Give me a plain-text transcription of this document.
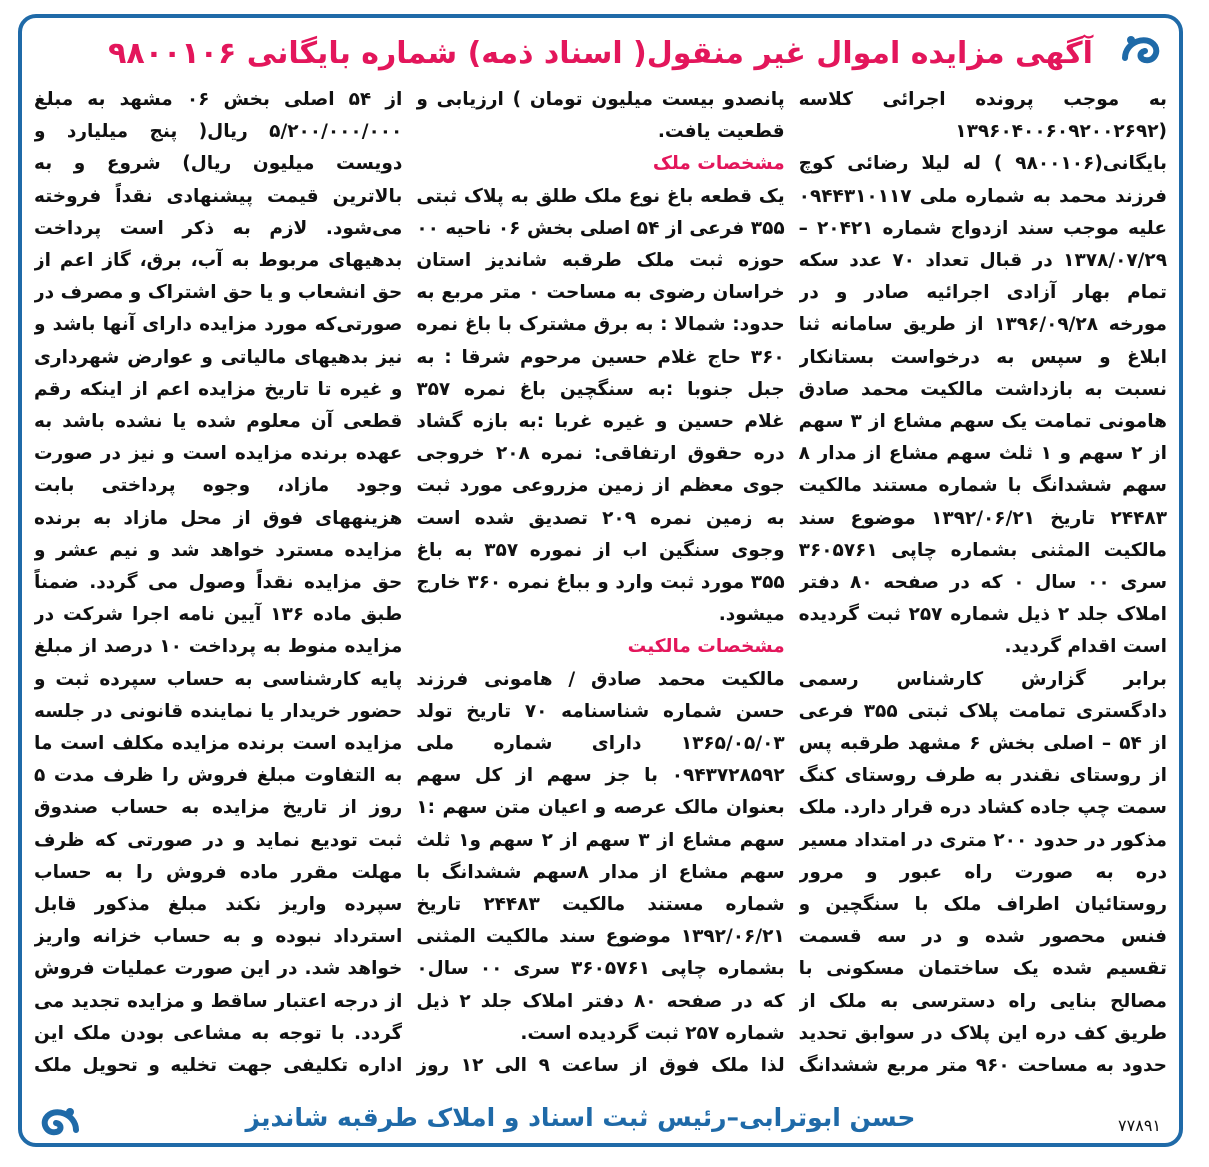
آگهی مزایده اموال غیر منقول( اسناد ذمه) شماره بایگانی ۹۸۰۰۱۰۶

به موجب پرونده اجرائی کلاسه (۱۳۹۶۰۴۰۰۶۰۹۲۰۰۲۶۹۲ بایگانی(۹۸۰۰۱۰۶ ) له لیلا رضائی کوچ فرزند محمد به شماره ملی ۰۹۴۴۳۱۰۱۱۷ علیه موجب سند ازدواج شماره ۲۰۴۲۱ – ۱۳۷۸/۰۷/۲۹ در قبال تعداد ۷۰ عدد سکه تمام بهار آزادی اجرائیه صادر و در مورخه ۱۳۹۶/۰۹/۲۸ از طریق سامانه ثنا ابلاغ و سپس به درخواست بستانکار نسبت به بازداشت مالکیت محمد صادق هامونی تمامت یک سهم مشاع از ۳ سهم از ۲ سهم و ۱ ثلث سهم مشاع از مدار ۸ سهم ششدانگ با شماره مستند مالکیت ۲۴۴۸۳ تاریخ ۱۳۹۲/۰۶/۲۱ موضوع سند مالکیت المثنی بشماره چاپی ۳۶۰۵۷۶۱ سری ۰۰ سال ۰ که در صفحه ۸۰ دفتر املاک جلد ۲ ذیل شماره ۲۵۷ ثبت گردیده است اقدام گردید.

برابر گزارش کارشناس رسمی دادگستری تمامت پلاک ثبتی ۳۵۵ فرعی از ۵۴ – اصلی بخش ۶ مشهد طرقبه پس از روستای نقندر به طرف روستای کنگ سمت چپ جاده کشاد دره قرار دارد. ملک مذکور در حدود ۲۰۰ متری در امتداد مسیر دره به صورت راه عبور و مرور روستائیان اطراف ملک با سنگچین و فنس محصور شده و در سه قسمت تقسیم شده یک ساختمان مسکونی با مصالح بنایی راه دسترسی به ملک از طریق کف دره این پلاک در سوابق تحدید حدود به مساحت ۹۶۰ متر مربع ششدانگ

پانصدو بیست میلیون تومان ) ارزیابی و قطعیت یافت.

مشخصات ملک

یک قطعه باغ نوع ملک طلق به پلاک ثبتی ۳۵۵ فرعی از ۵۴ اصلی بخش ۰۶ ناحیه ۰۰ حوزه ثبت ملک طرقبه شاندیز استان خراسان رضوی به مساحت ۰ متر مربع به حدود: شمالا : به برق مشترک با باغ نمره ۳۶۰ حاج غلام حسین مرحوم شرقا : به جبل جنوبا :به سنگچین باغ نمره ۳۵۷ غلام حسین و غیره غربا :به بازه گشاد دره حقوق ارتفاقی: نمره ۲۰۸ خروجی جوی معظم از زمین مزروعی مورد ثبت به زمین نمره ۲۰۹ تصدیق شده است وجوی سنگین اب از نموره ۳۵۷ به باغ ۳۵۵ مورد ثبت وارد و بباغ نمره ۳۶۰ خارج میشود.

مشخصات مالکیت

مالکیت محمد صادق / هامونی فرزند حسن شماره شناسنامه ۷۰ تاریخ تولد ۱۳۶۵/۰۵/۰۳ دارای شماره ملی ۰۹۴۳۷۲۸۵۹۲ با جز سهم از کل سهم بعنوان مالک عرصه و اعیان متن سهم :۱ سهم مشاع از ۳ سهم از ۲ سهم و۱ ثلث سهم مشاع از مدار ۸سهم ششدانگ با شماره مستند مالکیت ۲۴۴۸۳ تاریخ ۱۳۹۲/۰۶/۲۱ موضوع سند مالکیت المثنی بشماره چاپی ۳۶۰۵۷۶۱ سری ۰۰ سال۰ که در صفحه ۸۰ دفتر املاک جلد ۲ ذیل شماره ۲۵۷ ثبت گردیده است.

لذا ملک فوق از ساعت ۹ الی ۱۲ روز

از ۵۴ اصلی بخش ۰۶ مشهد به مبلغ ۵/۲۰۰/۰۰۰/۰۰۰ ریال( پنج میلیارد و دویست میلیون ریال) شروع و به بالاترین قیمت پیشنهادی نقداً فروخته می‌شود. لازم به ذکر است پرداخت بدهیهای مربوط به آب، برق، گاز اعم از حق انشعاب و یا حق اشتراک و مصرف در صورتی‌که مورد مزایده دارای آنها باشد و نیز بدهیهای مالیاتی و عوارض شهرداری و غیره تا تاریخ مزایده اعم از اینکه رقم قطعی آن معلوم شده یا نشده باشد به عهده برنده مزایده است و نیز در صورت وجود مازاد، وجوه پرداختی بابت هزینههای فوق از محل مازاد به برنده مزایده مسترد خواهد شد و نیم عشر و حق مزایده نقداً وصول می گردد. ضمناً طبق ماده ۱۳۶ آیین نامه اجرا شرکت در مزایده منوط به پرداخت ۱۰ درصد از مبلغ پایه کارشناسی به حساب سپرده ثبت و حضور خریدار یا نماینده قانونی در جلسه مزایده است برنده مزایده مکلف است ما به التفاوت مبلغ فروش را ظرف مدت ۵ روز از تاریخ مزایده به حساب صندوق ثبت تودیع نماید و در صورتی که ظرف مهلت مقرر ماده فروش را به حساب سپرده واریز نکند مبلغ مذکور قابل استرداد نبوده و به حساب خزانه واریز خواهد شد. در این صورت عملیات فروش از درجه اعتبار ساقط و مزایده تجدید می گردد. با توجه به مشاعی بودن ملک این اداره تکلیفی جهت تخلیه و تحویل ملک

حسن ابوترابی–رئیس ثبت اسناد و املاک طرقبه شاندیز	۷۷۸۹۱
